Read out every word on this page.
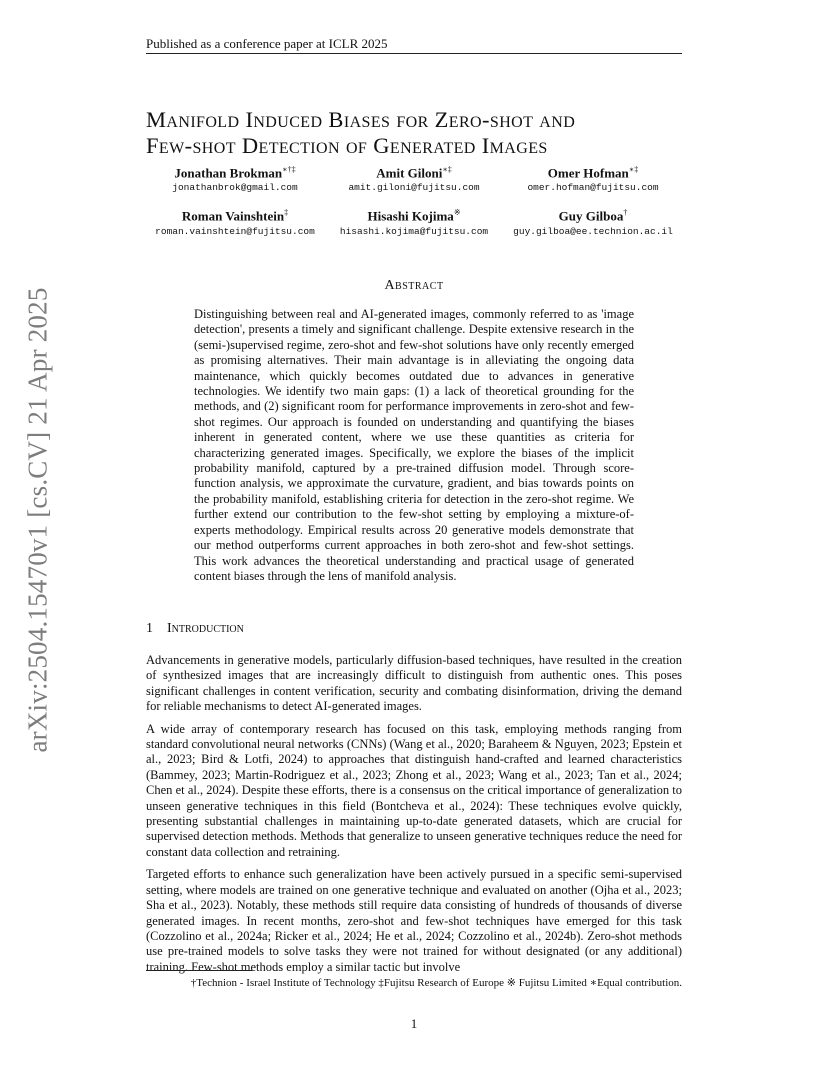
Published as a conference paper at ICLR 2025
arXiv:2504.15470v1 [cs.CV] 21 Apr 2025
Manifold Induced Biases for Zero-shot and
Few-shot Detection of Generated Images
Jonathan Brokman∗†‡
jonathanbrok@gmail.com
Amit Giloni∗‡
amit.giloni@fujitsu.com
Omer Hofman∗‡
omer.hofman@fujitsu.com
Roman Vainshtein‡
roman.vainshtein@fujitsu.com
Hisashi Kojima※
hisashi.kojima@fujitsu.com
Guy Gilboa†
guy.gilboa@ee.technion.ac.il
Abstract
Distinguishing between real and AI-generated images, commonly referred to as 'image detection', presents a timely and significant challenge. Despite extensive research in the (semi-)supervised regime, zero-shot and few-shot solutions have only recently emerged as promising alternatives. Their main advantage is in alleviating the ongoing data maintenance, which quickly becomes outdated due to advances in generative technologies. We identify two main gaps: (1) a lack of theoretical grounding for the methods, and (2) significant room for performance improvements in zero-shot and few-shot regimes. Our approach is founded on understanding and quantifying the biases inherent in generated content, where we use these quantities as criteria for characterizing generated images. Specifically, we explore the biases of the implicit probability manifold, captured by a pre-trained diffusion model. Through score-function analysis, we approximate the curvature, gradient, and bias towards points on the probability manifold, establishing criteria for detection in the zero-shot regime. We further extend our contribution to the few-shot setting by employing a mixture-of-experts methodology. Empirical results across 20 generative models demonstrate that our method outperforms current approaches in both zero-shot and few-shot settings. This work advances the theoretical understanding and practical usage of generated content biases through the lens of manifold analysis.
1 Introduction

Advancements in generative models, particularly diffusion-based techniques, have resulted in the creation of synthesized images that are increasingly difficult to distinguish from authentic ones. This poses significant challenges in content verification, security and combating disinformation, driving the demand for reliable mechanisms to detect AI-generated images.

A wide array of contemporary research has focused on this task, employing methods ranging from standard convolutional neural networks (CNNs) (Wang et al., 2020; Baraheem & Nguyen, 2023; Epstein et al., 2023; Bird & Lotfi, 2024) to approaches that distinguish hand-crafted and learned characteristics (Bammey, 2023; Martin-Rodriguez et al., 2023; Zhong et al., 2023; Wang et al., 2023; Tan et al., 2024; Chen et al., 2024). Despite these efforts, there is a consensus on the critical importance of generalization to unseen generative techniques in this field (Bontcheva et al., 2024): These techniques evolve quickly, presenting substantial challenges in maintaining up-to-date generated datasets, which are crucial for supervised detection methods. Methods that generalize to unseen generative techniques reduce the need for constant data collection and retraining.

Targeted efforts to enhance such generalization have been actively pursued in a specific semi-supervised setting, where models are trained on one generative technique and evaluated on another (Ojha et al., 2023; Sha et al., 2023). Notably, these methods still require data consisting of hundreds of thousands of diverse generated images. In recent months, zero-shot and few-shot techniques have emerged for this task (Cozzolino et al., 2024a; Ricker et al., 2024; He et al., 2024; Cozzolino et al., 2024b). Zero-shot methods use pre-trained models to solve tasks they were not trained for without designated (or any additional) training. Few-shot methods employ a similar tactic but involve

†Technion - Israel Institute of Technology ‡Fujitsu Research of Europe ※ Fujitsu Limited ∗Equal contribution.
1
